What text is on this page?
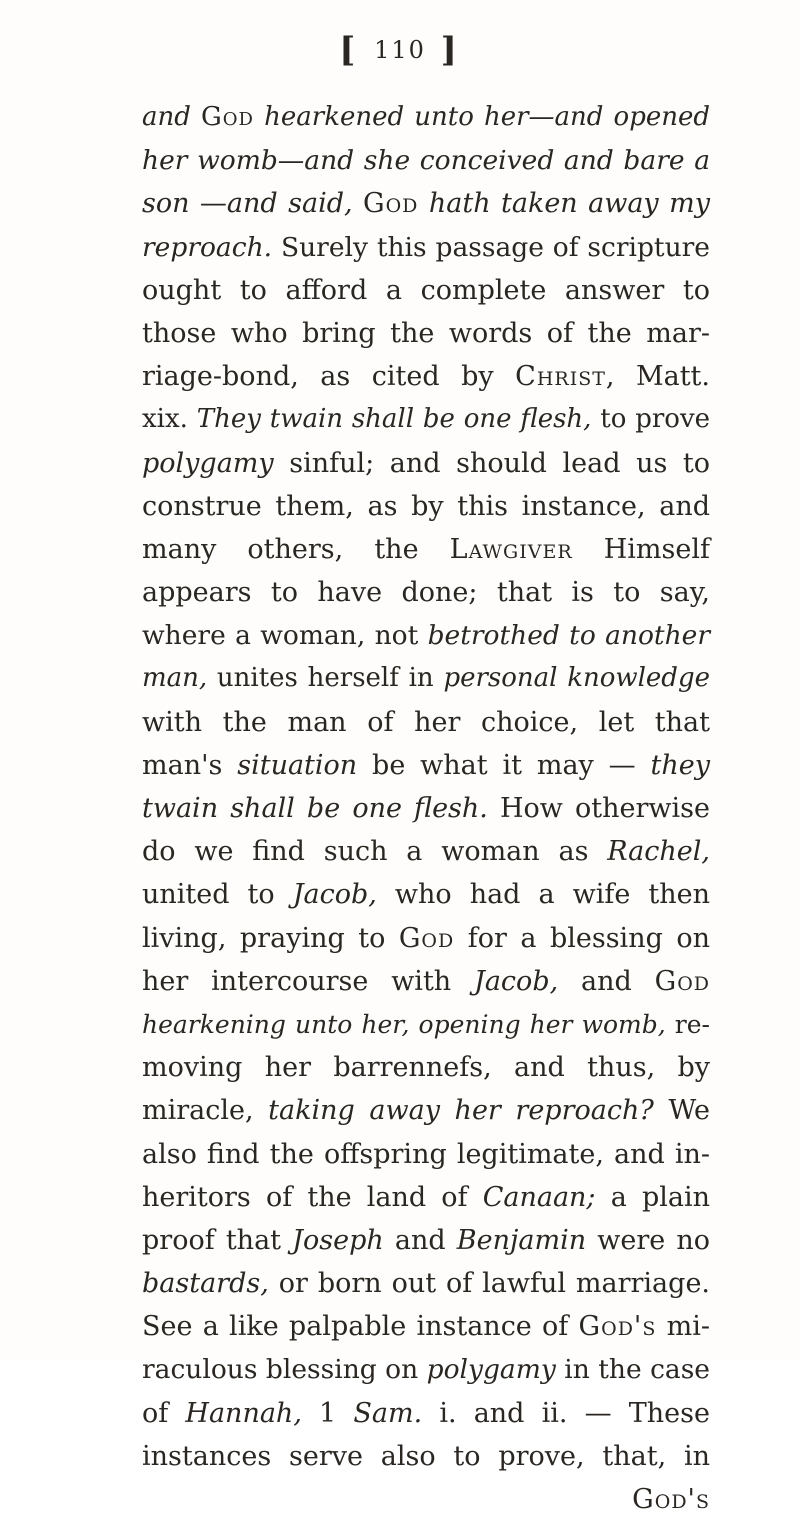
[ 110 ]
and God hearkened unto her—and opened
her womb—and she conceived and bare a
son —and said, God hath taken away my
reproach. Surely this passage of scripture
ought to afford a complete answer to
those who bring the words of the mar-
riage-bond, as cited by Christ, Matt.
xix. They twain shall be one flesh, to prove
polygamy sinful; and should lead us to
construe them, as by this instance, and
many others, the Lawgiver Himself
appears to have done; that is to say,
where a woman, not betrothed to another
man, unites herself in personal knowledge
with the man of her choice, let that
man's situation be what it may — they
twain shall be one flesh. How otherwise
do we find such a woman as Rachel,
united to Jacob, who had a wife then
living, praying to God for a blessing on
her intercourse with Jacob, and God
hearkening unto her, opening her womb, re-
moving her barrennefs, and thus, by
miracle, taking away her reproach? We
also find the offspring legitimate, and in-
heritors of the land of Canaan; a plain
proof that Joseph and Benjamin were no
bastards, or born out of lawful marriage.
See a like palpable instance of God's mi-
raculous blessing on polygamy in the case
of Hannah, 1 Sam. i. and ii. — These
instances serve also to prove, that, in
God's
